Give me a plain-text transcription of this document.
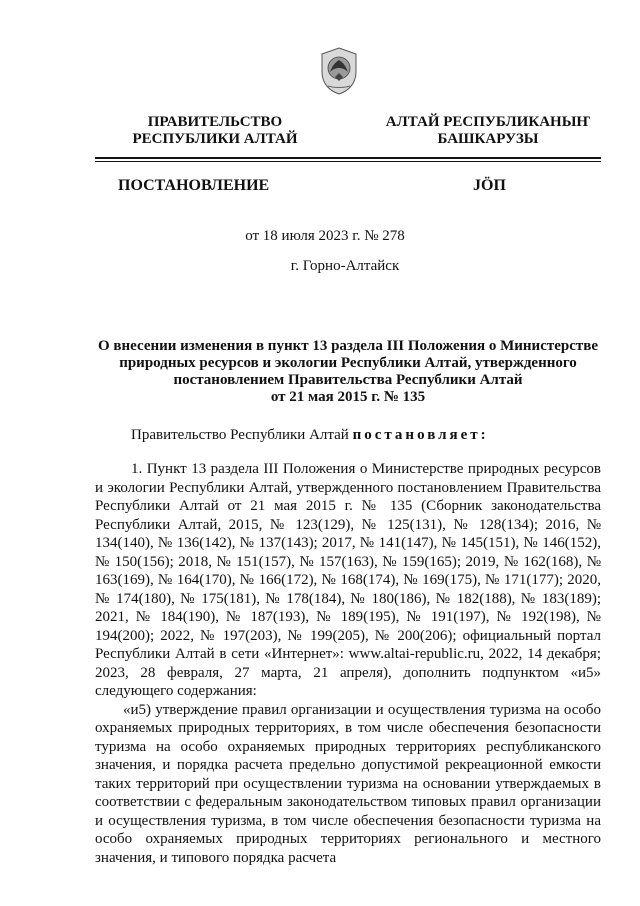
ПРАВИТЕЛЬСТВО
РЕСПУБЛИКИ АЛТАЙ
АЛТАЙ РЕСПУБЛИКАНЫҤ
БАШКАРУЗЫ
ПОСТАНОВЛЕНИЕ	JӦП
от 18 июля 2023 г. № 278
г. Горно-Алтайск
О внесении изменения в пункт 13 раздела III Положения о Министерстве
природных ресурсов и экологии Республики Алтай, утвержденного
постановлением Правительства Республики Алтай
от 21 мая 2015 г. № 135
Правительство Республики Алтай постановляет:

1. Пункт 13 раздела III Положения о Министерстве природных ресурсов и экологии Республики Алтай, утвержденного постановлением Правительства Республики Алтай от 21 мая 2015 г. № 135 (Сборник законодательства Республики Алтай, 2015, № 123(129), № 125(131), № 128(134); 2016, № 134(140), № 136(142), № 137(143); 2017, № 141(147), № 145(151), № 146(152), № 150(156); 2018, № 151(157), № 157(163), № 159(165); 2019, № 162(168), № 163(169), № 164(170), № 166(172), № 168(174), № 169(175), № 171(177); 2020, № 174(180), № 175(181), № 178(184), № 180(186), № 182(188), № 183(189); 2021, № 184(190), № 187(193), № 189(195), № 191(197), № 192(198), № 194(200); 2022, № 197(203), № 199(205), № 200(206); официальный портал Республики Алтай в сети «Интернет»: www.altai-republic.ru, 2022, 14 декабря; 2023, 28 февраля, 27 марта, 21 апреля), дополнить подпунктом «и5» следующего содержания:

«и5) утверждение правил организации и осуществления туризма на особо охраняемых природных территориях, в том числе обеспечения безопасности туризма на особо охраняемых природных территориях республиканского значения, и порядка расчета предельно допустимой рекреационной емкости таких территорий при осуществлении туризма на основании утверждаемых в соответствии с федеральным законодательством типовых правил организации и осуществления туризма, в том числе обеспечения безопасности туризма на особо охраняемых природных территориях регионального и местного значения, и типового порядка расчета
